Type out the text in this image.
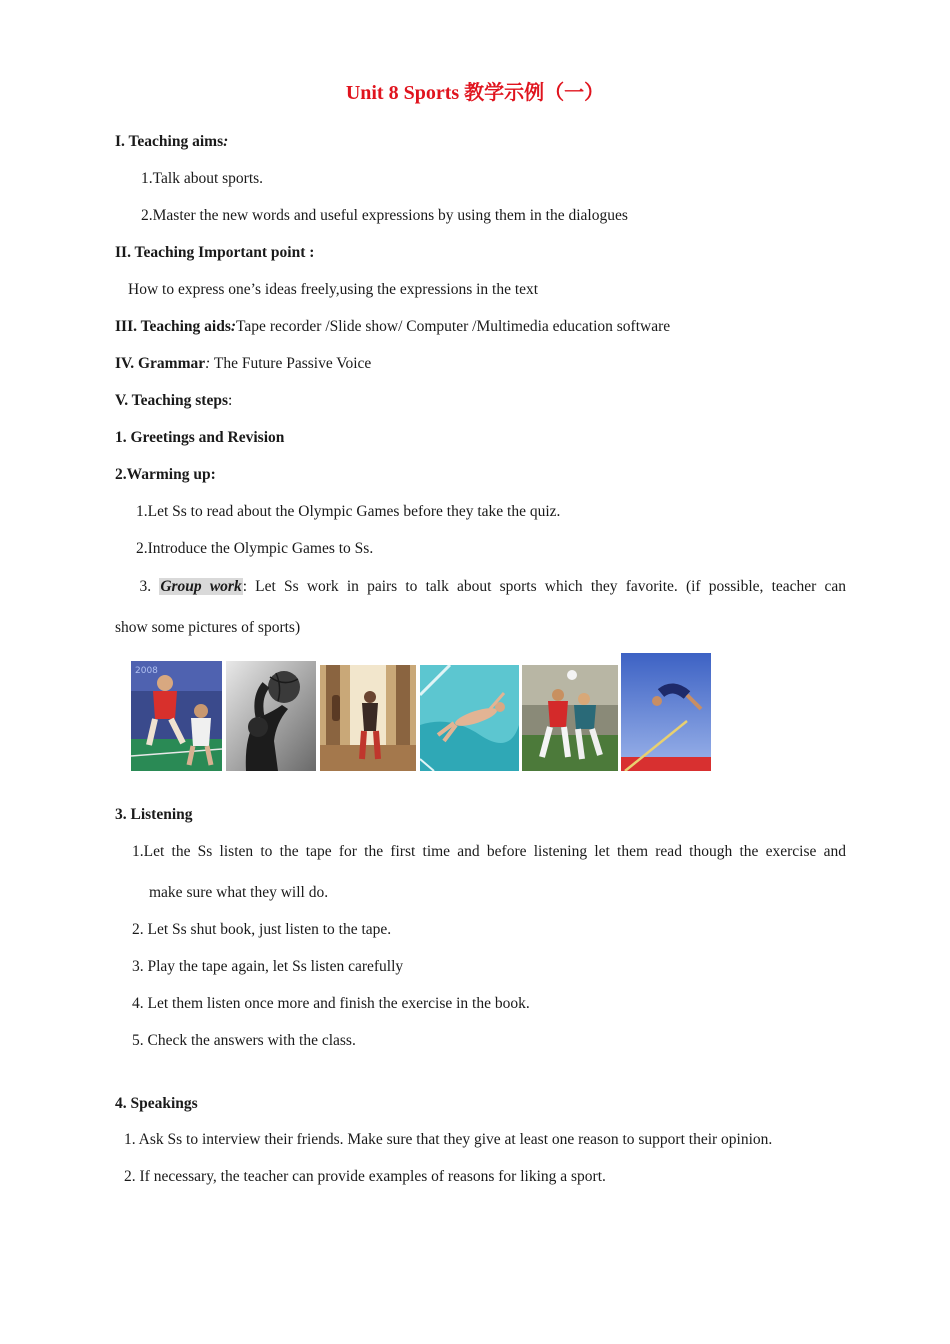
Unit 8 Sports 教学示例（一）
I. Teaching aims:
1.Talk about sports.
2.Master the new words and useful expressions by using them in the dialogues
II. Teaching Important point :
How to express one’s ideas freely,using the expressions in the text
III. Teaching aids:Tape recorder /Slide show/ Computer /Multimedia education software
IV. Grammar: The Future Passive Voice
V. Teaching steps:
1. Greetings and Revision
2.Warming up:
1.Let Ss to read about the Olympic Games before they take the quiz.
2.Introduce the Olympic Games to Ss.
3. Group work: Let Ss work in pairs to talk about sports which they favorite. (if possible, teacher can
show some pictures of sports)
2008
3. Listening
1.Let the Ss listen to the tape for the first time and before listening let them read though the exercise and
make sure what they will do.
2. Let Ss shut book, just listen to the tape.
3. Play the tape again, let Ss listen carefully
4. Let them listen once more and finish the exercise in the book.
5. Check the answers with the class.
4. Speakings
1. Ask Ss to interview their friends. Make sure that they give at least one reason to support their opinion.
2. If necessary, the teacher can provide examples of reasons for liking a sport.
